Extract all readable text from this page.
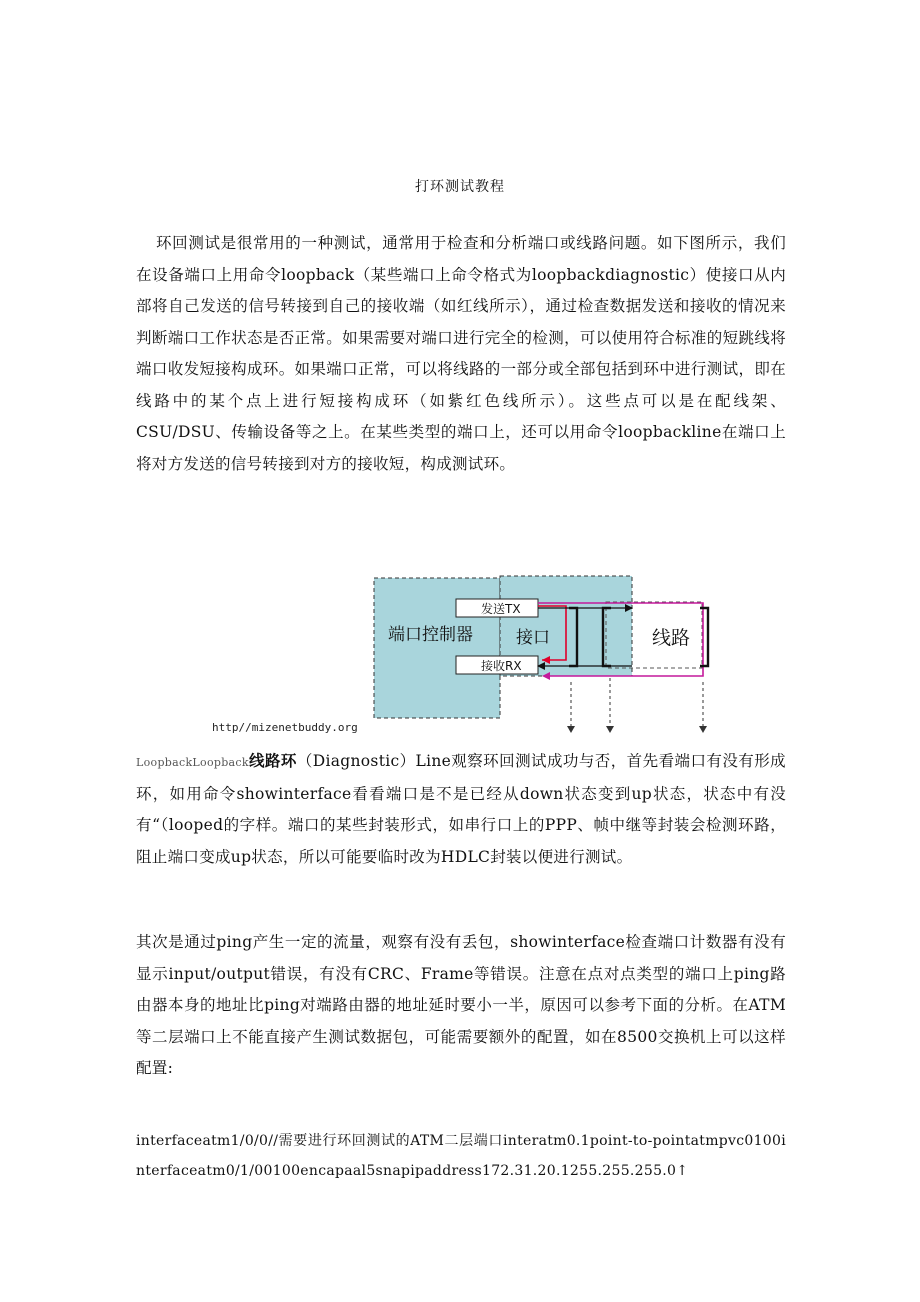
打环测试教程

环回测试是很常用的一种测试，通常用于检查和分析端口或线路问题。如下图所示，我们在设备端口上用命令loopback（某些端口上命令格式为loopbackdiagnostic）使接口从内部将自己发送的信号转接到自己的接收端（如红线所示），通过检查数据发送和接收的情况来判断端口工作状态是否正常。如果需要对端口进行完全的检测，可以使用符合标准的短跳线将端口收发短接构成环。如果端口正常，可以将线路的一部分或全部包括到环中进行测试，即在线路中的某个点上进行短接构成环（如紫红色线所示）。这些点可以是在配线架、CSU/DSU、传输设备等之上。在某些类型的端口上，还可以用命令loopbackline在端口上将对方发送的信号转接到对方的接收短，构成测试环。

端口控制器	接口	线路
发送TX
接收RX
http//mizenetbuddy.org

LoopbackLoopback线路环（Diagnostic）Line观察环回测试成功与否，首先看端口有没有形成环，如用命令showinterface看看端口是不是已经从down状态变到up状态，状态中有没有“（looped的字样。端口的某些封装形式，如串行口上的PPP、帧中继等封装会检测环路，阻止端口变成up状态，所以可能要临时改为HDLC封装以便进行测试。

其次是通过ping产生一定的流量，观察有没有丢包，showinterface检查端口计数器有没有显示input/output错误，有没有CRC、Frame等错误。注意在点对点类型的端口上ping路由器本身的地址比ping对端路由器的地址延时要小一半，原因可以参考下面的分析。在ATM等二层端口上不能直接产生测试数据包，可能需要额外的配置，如在8500交换机上可以这样配置:

interfaceatm1/0/0//需要进行环回测试的ATM二层端口interatm0.1point-to-pointatmpvc0100interfaceatm0/1/00100encapaal5snapipaddress172.31.20.1255.255.255.0↑
